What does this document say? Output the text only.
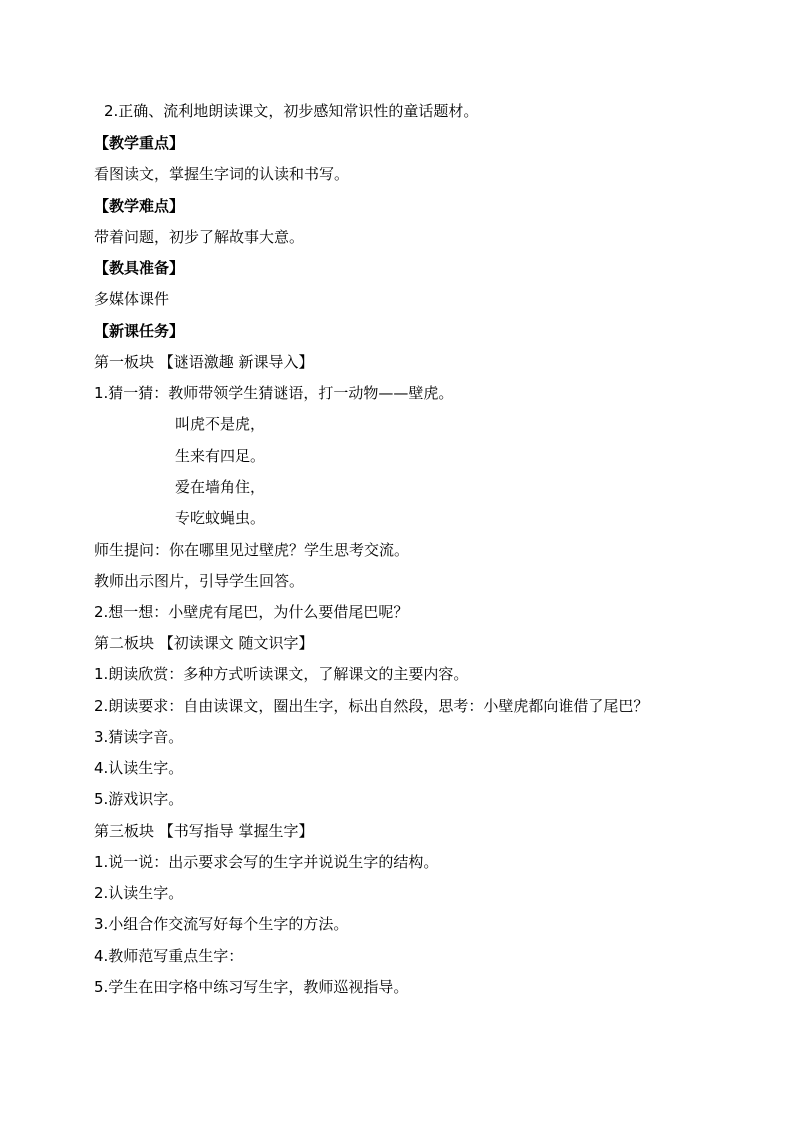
2.正确、流利地朗读课文，初步感知常识性的童话题材。
【教学重点】
看图读文，掌握生字词的认读和书写。
【教学难点】
带着问题，初步了解故事大意。
【教具准备】
多媒体课件
【新课任务】
第一板块 【谜语激趣 新课导入】
1.猜一猜：教师带领学生猜谜语，打一动物——壁虎。
叫虎不是虎，
生来有四足。
爱在墙角住，
专吃蚊蝇虫。
师生提问：你在哪里见过壁虎？学生思考交流。
教师出示图片，引导学生回答。
2.想一想：小壁虎有尾巴，为什么要借尾巴呢？
第二板块 【初读课文 随文识字】
1.朗读欣赏：多种方式听读课文，了解课文的主要内容。
2.朗读要求：自由读课文，圈出生字，标出自然段，思考：小壁虎都向谁借了尾巴？
3.猜读字音。
4.认读生字。
5.游戏识字。
第三板块 【书写指导 掌握生字】
1.说一说：出示要求会写的生字并说说生字的结构。
2.认读生字。
3.小组合作交流写好每个生字的方法。
4.教师范写重点生字：
5.学生在田字格中练习写生字，教师巡视指导。
